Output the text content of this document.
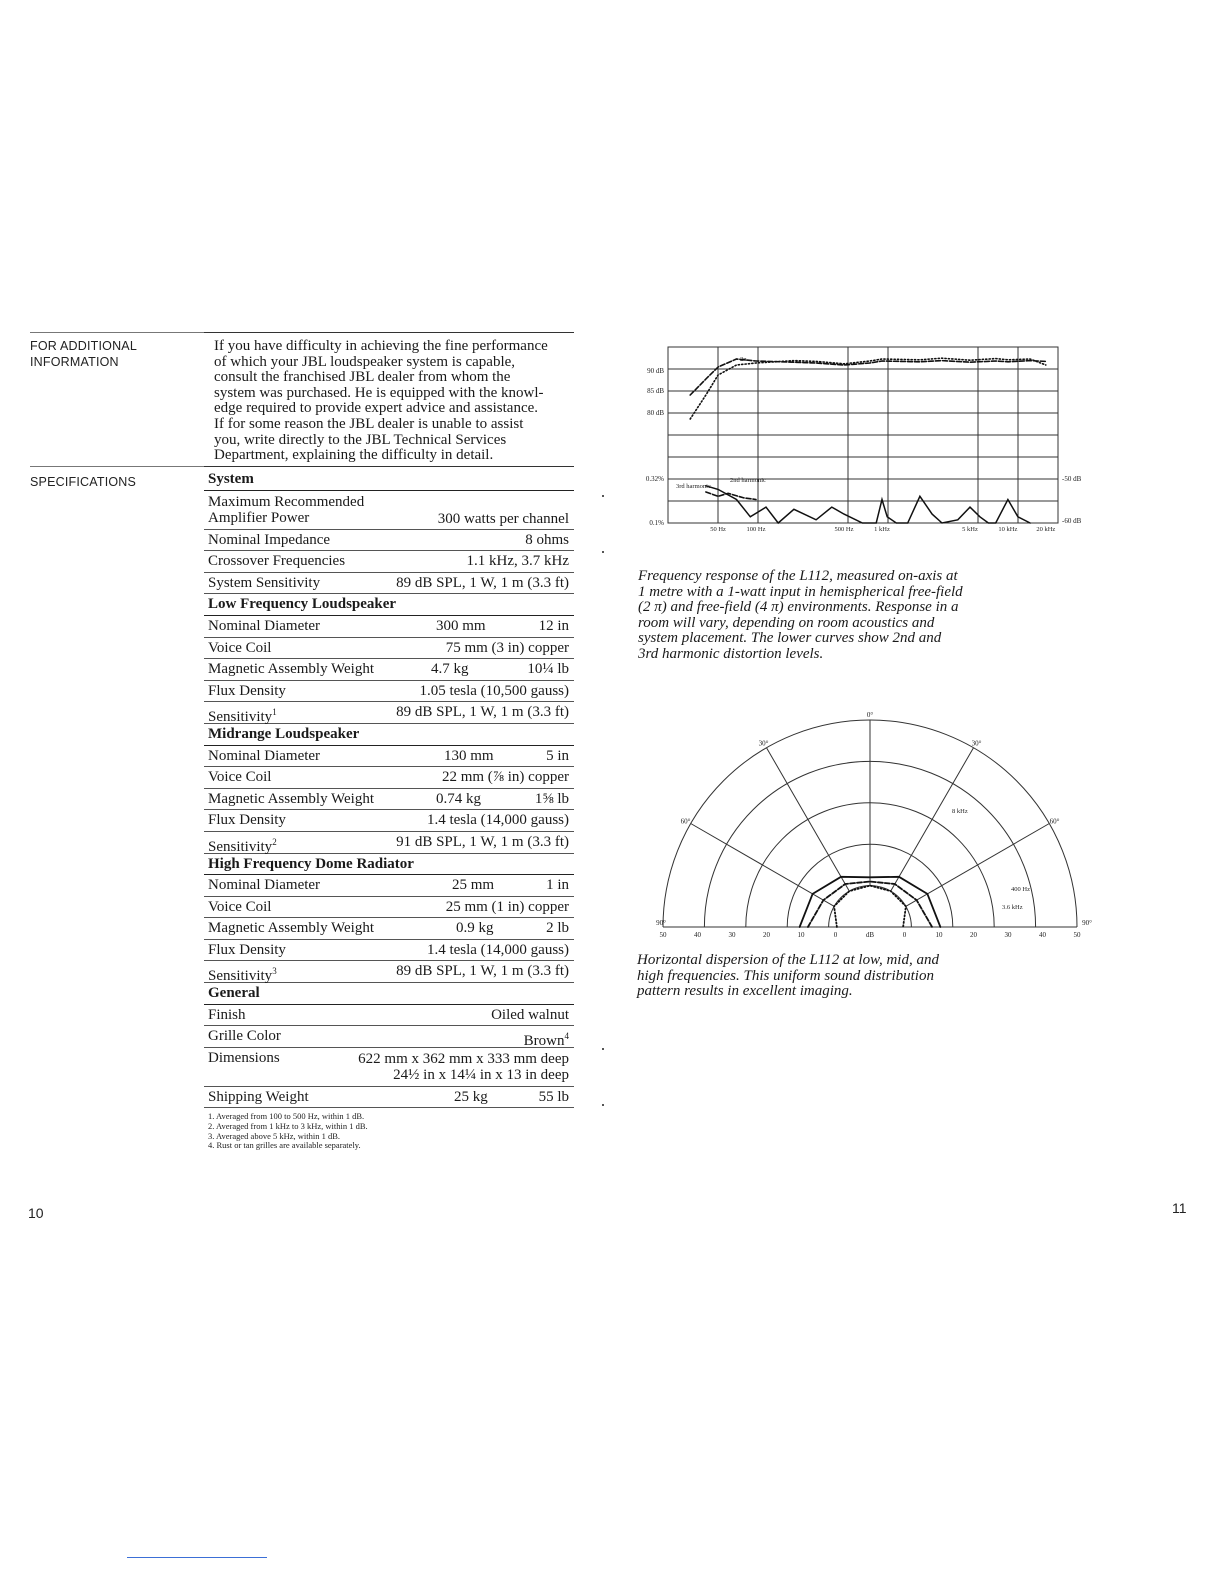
FOR ADDITIONAL
INFORMATION
If you have difficulty in achieving the fine performance
of which your JBL loudspeaker system is capable,
consult the franchised JBL dealer from whom the
system was purchased. He is equipped with the knowl-
edge required to provide expert advice and assistance.
If for some reason the JBL dealer is unable to assist
you, write directly to the JBL Technical Services
Department, explaining the difficulty in detail.
SPECIFICATIONS	System
Maximum Recommended
Amplifier Power	300 watts per channel
Nominal Impedance	8 ohms
Crossover Frequencies	1.1 kHz, 3.7 kHz
System Sensitivity	89 dB SPL, 1 W, 1 m (3.3 ft)
Low Frequency Loudspeaker
Nominal Diameter	300 mm	12 in
Voice Coil	75 mm (3 in) copper
Magnetic Assembly Weight	4.7 kg	10¼ lb
Flux Density	1.05 tesla (10,500 gauss)
Sensitivity$^1$	89 dB SPL, 1 W, 1 m (3.3 ft)
Midrange Loudspeaker
Nominal Diameter	130 mm	5 in
Voice Coil	22 mm (⅞ in) copper
Magnetic Assembly Weight	0.74 kg	1⅝ lb
Flux Density	1.4 tesla (14,000 gauss)
Sensitivity$^2$	91 dB SPL, 1 W, 1 m (3.3 ft)
High Frequency Dome Radiator
Nominal Diameter	25 mm	1 in
Voice Coil	25 mm (1 in) copper
Magnetic Assembly Weight	0.9 kg	2 lb
Flux Density	1.4 tesla (14,000 gauss)
Sensitivity$^3$	89 dB SPL, 1 W, 1 m (3.3 ft)
General
Finish	Oiled walnut
Grille Color	Brown$^4$
Dimensions	622 mm x 362 mm x 333 mm deep
24½ in x 14¼ in x 13 in deep
Shipping Weight	25 kg	55 lb
1. Averaged from 100 to 500 Hz, within 1 dB.
2. Averaged from 1 kHz to 3 kHz, within 1 dB.
3. Averaged above 5 kHz, within 1 dB.
4. Rust or tan grilles are available separately.
10
90 dB
85 dB
80 dB
0.32%
0.1%
-50 dB
-60 dB
50 Hz	100 Hz	500 Hz	1 kHz	5 kHz	10 kHz	20 kHz
2π
2nd harmonic
3rd harmonic
Frequency response of the L112, measured on-axis at
1 metre with a 1-watt input in hemispherical free-field
(2 π) and free-field (4 π) environments. Response in a
room will vary, depending on room acoustics and
system placement. The lower curves show 2nd and
3rd harmonic distortion levels.
0°
30°	30°
60°	60°
90°	90°
50	40	30	20	10	0	dB	0	10	20	30	40	50
8 kHz
400 Hz
3.6 kHz
Horizontal dispersion of the L112 at low, mid, and
high frequencies. This uniform sound distribution
pattern results in excellent imaging.
11
